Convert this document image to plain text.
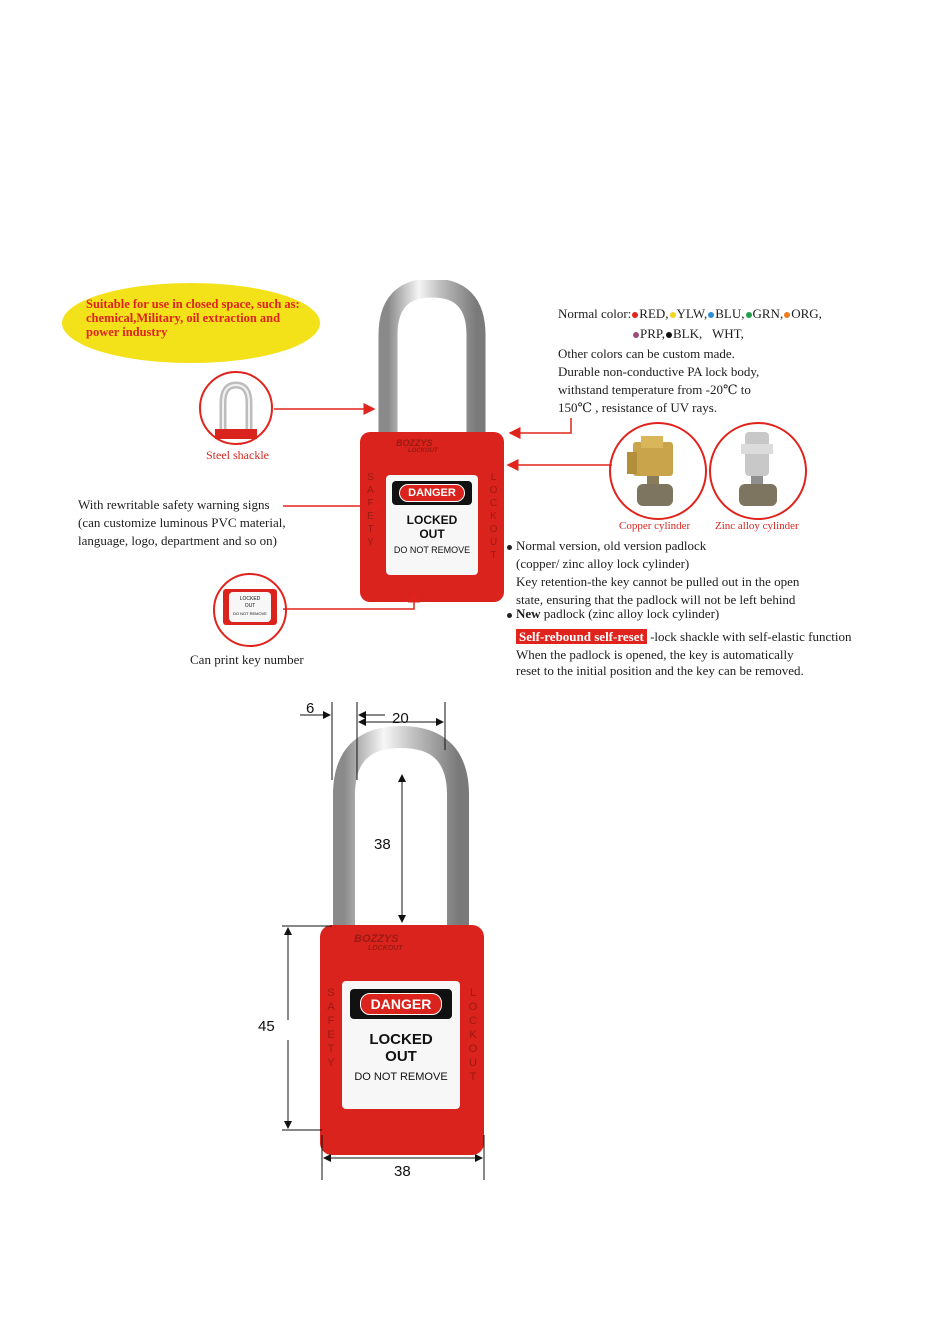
Suitable for use in closed space, such as: chemical,Military, oil extraction and power industry
Normal color: RED, YLW, BLU, GRN, ORG,
PRP, BLK,   WHT,
Other colors can be custom made.
Durable non-conductive PA lock body,
withstand temperature from -20℃ to
150℃ , resistance of UV rays.
Steel shackle
With rewritable safety warning signs
(can customize luminous PVC material,
language, logo, department and so on)
LOCKED
OUT
DO NOT REMOVE
Can print key number
BOZZYS
LOCKOUT
SAFETY	LOCKOUT
DANGER
LOCKED
OUT
DO NOT REMOVE
Copper cylinder Zinc alloy cylinder
Normal version, old version padlock
(copper/ zinc alloy lock cylinder)
Key retention-the key cannot be pulled out in the open
state, ensuring that the padlock will not be left behind
New padlock (zinc alloy lock cylinder)
Self-rebound self-reset -lock shackle with self-elastic function
When the padlock is opened, the key is automatically
reset to the initial position and the key can be removed.
BOZZYS
LOCKOUT
SAFETY	LOCKOUT
DANGER
LOCKED
OUT
DO NOT REMOVE
6
20
38
45
38
